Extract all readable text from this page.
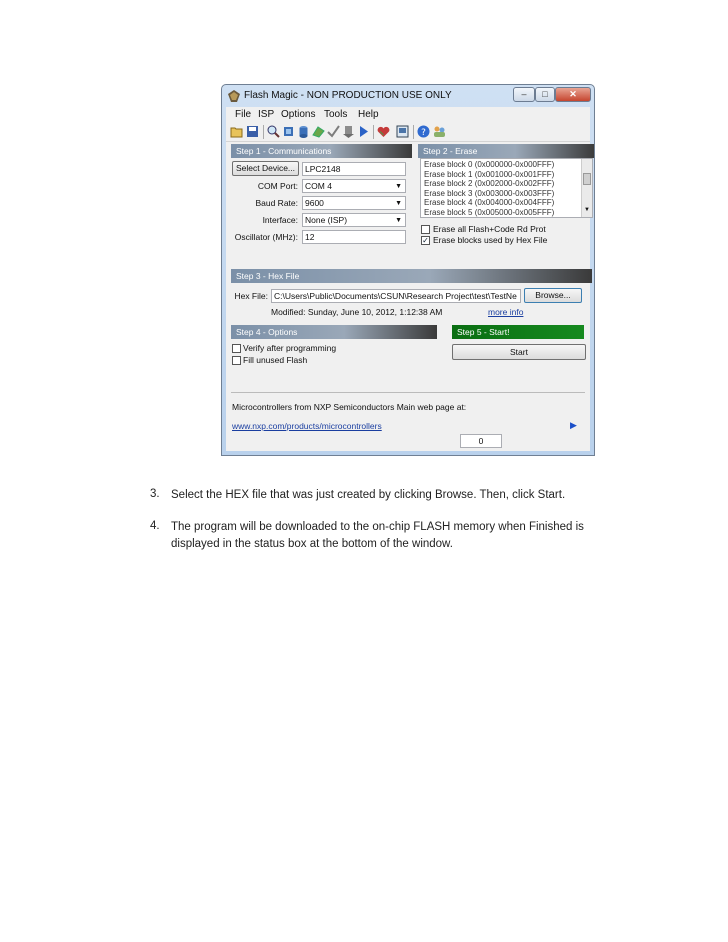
Flash Magic - NON PRODUCTION USE ONLY	–	□	✕
File ISP Options Tools Help
?
Step 1 - Communications
Select Device...	LPC2148
COM Port: COM 4	▼
Baud Rate: 9600	▼
Interface: None (ISP)	▼
Oscillator (MHz): 12
Step 2 - Erase
Erase block 0 (0x000000-0x000FFF)
Erase block 1 (0x001000-0x001FFF)
Erase block 2 (0x002000-0x002FFF)
Erase block 3 (0x003000-0x003FFF)
Erase block 4 (0x004000-0x004FFF)
Erase block 5 (0x005000-0x005FFF)	▼
Erase all Flash+Code Rd Prot
✓ Erase blocks used by Hex File
Step 3 - Hex File
Hex File: C:\Users\Public\Documents\CSUN\Research Project\test\TestNe	Browse...
Modified: Sunday, June 10, 2012, 1:12:38 AM	more info
Step 4 - Options
Verify after programming
Fill unused Flash
Step 5 - Start!
Start
Microcontrollers from NXP Semiconductors Main web page at:
www.nxp.com/products/microcontrollers
0
▶
3. Select the HEX file that was just created by clicking Browse. Then, click Start.
4. The program will be downloaded to the on-chip FLASH memory when Finished is
displayed in the status box at the bottom of the window.
